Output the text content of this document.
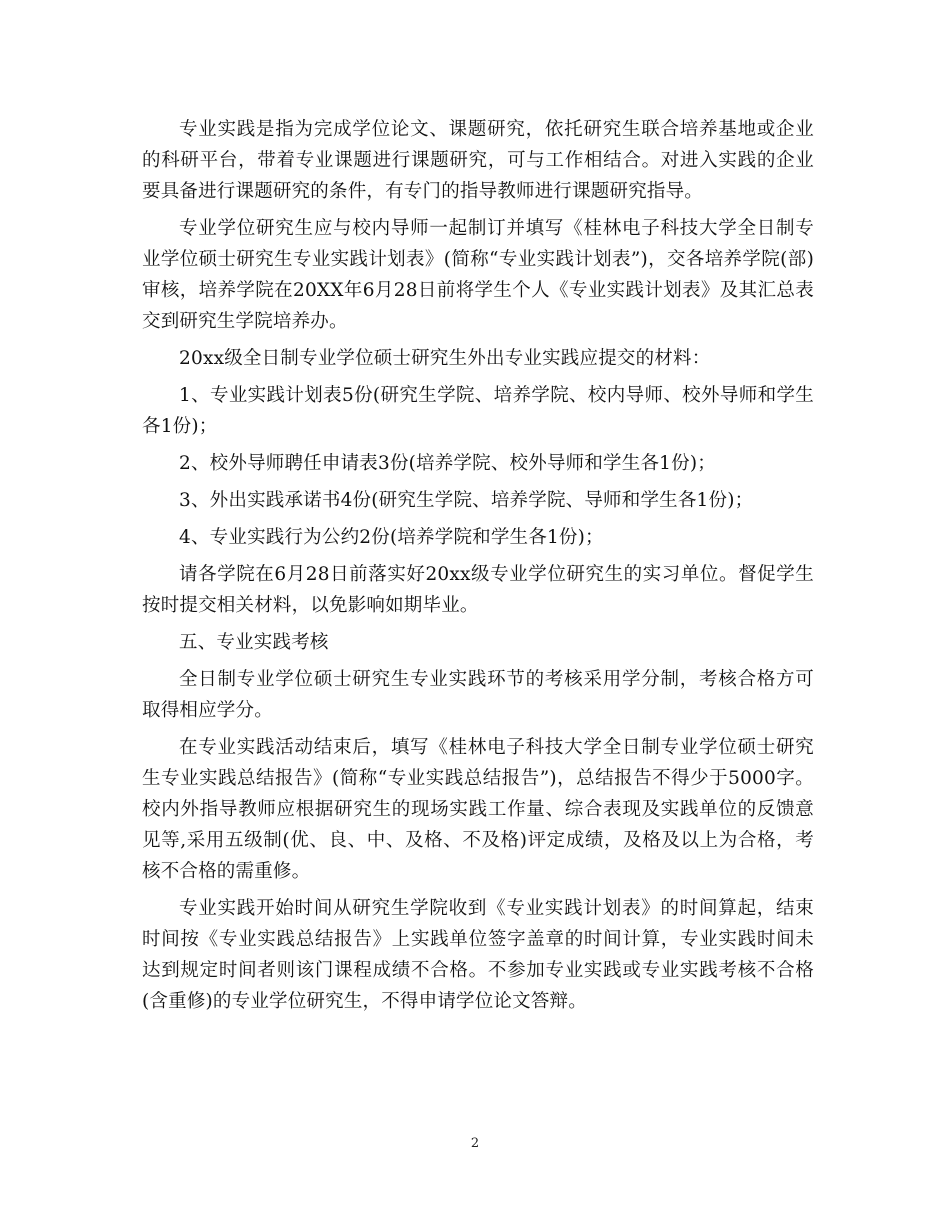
专业实践是指为完成学位论文、课题研究，依托研究生联合培养基地或企业的科研平台，带着专业课题进行课题研究，可与工作相结合。对进入实践的企业要具备进行课题研究的条件，有专门的指导教师进行课题研究指导。

专业学位研究生应与校内导师一起制订并填写《桂林电子科技大学全日制专业学位硕士研究生专业实践计划表》(简称“专业实践计划表”)，交各培养学院(部)审核，培养学院在20XX年6月28日前将学生个人《专业实践计划表》及其汇总表交到研究生学院培养办。

20xx级全日制专业学位硕士研究生外出专业实践应提交的材料：

1、专业实践计划表5份(研究生学院、培养学院、校内导师、校外导师和学生各1份)；

2、校外导师聘任申请表3份(培养学院、校外导师和学生各1份)；

3、外出实践承诺书4份(研究生学院、培养学院、导师和学生各1份)；

4、专业实践行为公约2份(培养学院和学生各1份)；

请各学院在6月28日前落实好20xx级专业学位研究生的实习单位。督促学生按时提交相关材料，以免影响如期毕业。

五、专业实践考核

全日制专业学位硕士研究生专业实践环节的考核采用学分制，考核合格方可取得相应学分。

在专业实践活动结束后，填写《桂林电子科技大学全日制专业学位硕士研究生专业实践总结报告》(简称“专业实践总结报告”)，总结报告不得少于5000字。校内外指导教师应根据研究生的现场实践工作量、综合表现及实践单位的反馈意见等,采用五级制(优、良、中、及格、不及格)评定成绩，及格及以上为合格，考核不合格的需重修。

专业实践开始时间从研究生学院收到《专业实践计划表》的时间算起，结束时间按《专业实践总结报告》上实践单位签字盖章的时间计算，专业实践时间未达到规定时间者则该门课程成绩不合格。不参加专业实践或专业实践考核不合格(含重修)的专业学位研究生，不得申请学位论文答辩。

2
